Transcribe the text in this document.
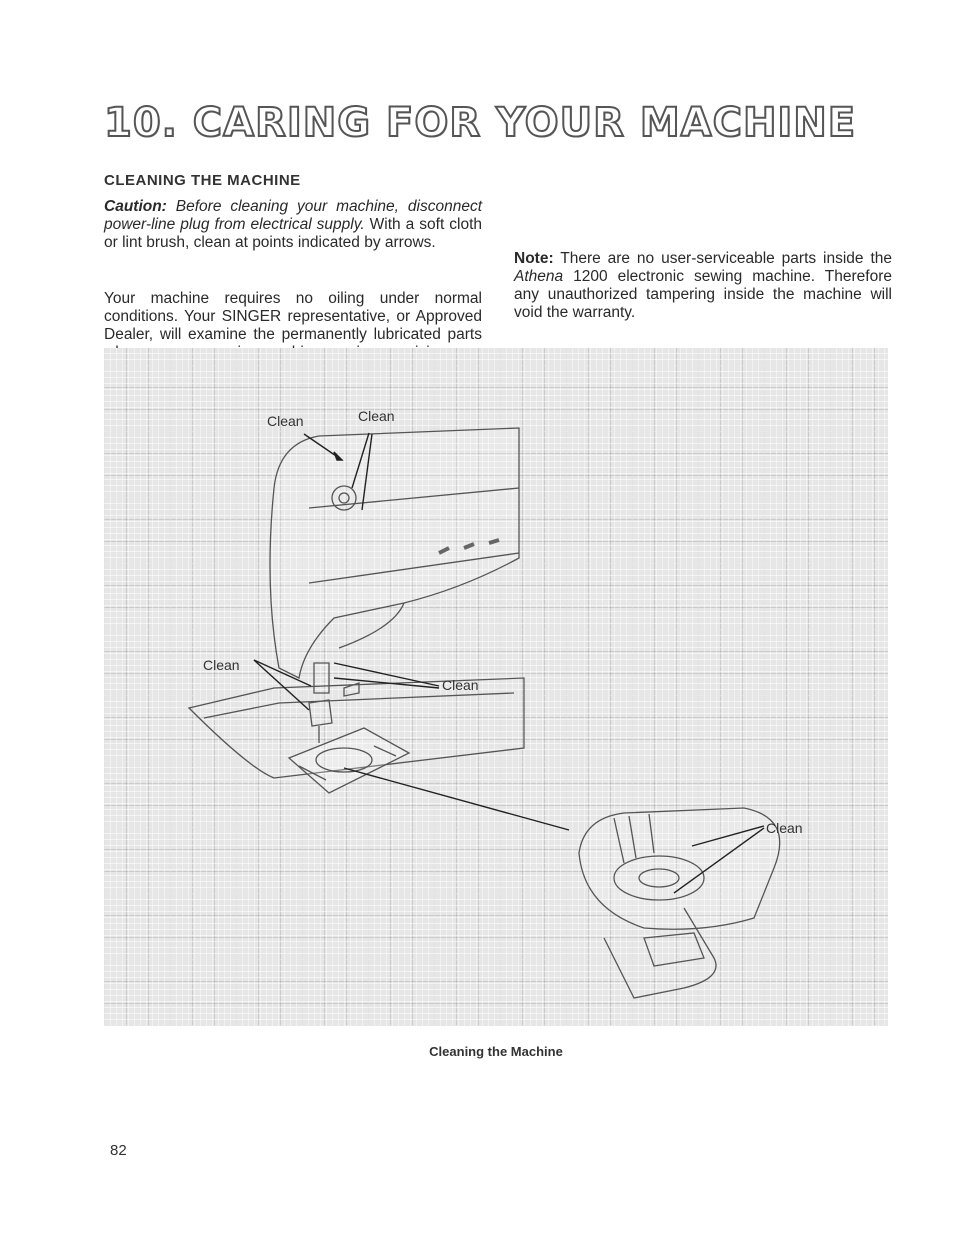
10. CARING FOR YOUR MACHINE
CLEANING THE MACHINE

Caution: Before cleaning your machine, disconnect power-line plug from electrical supply. With a soft cloth or lint brush, clean at points indicated by arrows.

Your machine requires no oiling under normal conditions. Your SINGER representative, or Approved Dealer, will examine the permanently lubricated parts

Note: There are no user-serviceable parts inside the Athena 1200 electronic sewing machine. Therefore any unauthorized tampering inside the machine will void the warranty.

Clean	Clean
Clean
Clean
Clean
Cleaning the Machine
82
